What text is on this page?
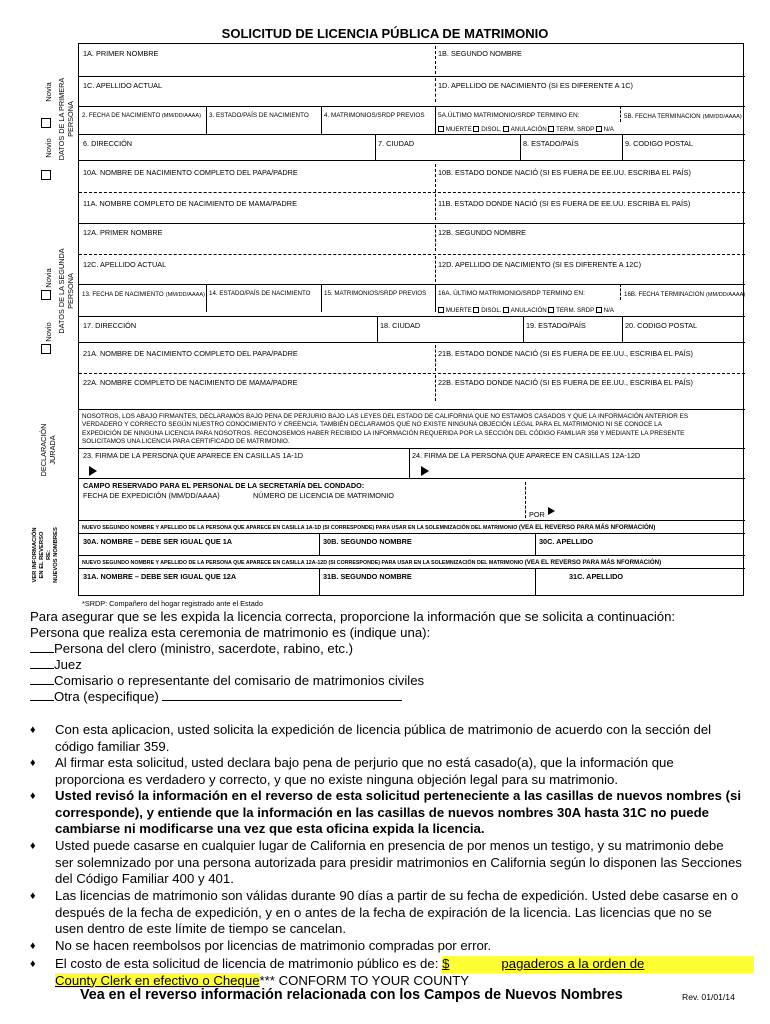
SOLICITUD DE LICENCIA PÚBLICA DE MATRIMONIO
DATOS DE LA PRIMERA PERSONA
Novio
Novia
DATOS DE LA SEGUNDA PERSONA
Novio
Novia
DECLARACIÓN JURADA
VER INFORMACIÓN EN EL REVERSO RE: NUEVOS NOMBRES
1A. PRIMER NOMBRE	1B. SEGUNDO NOMBRE
1C. APELLIDO ACTUAL	1D. APELLIDO DE NACIMIENTO (SI ES DIFERENTE A 1C)
2. FECHA DE NACIMIENTO (MM/DD/AAAA) 3. ESTADO/PAÍS DE NACIMIENTO 4. MATRIMONIOS/SRDP PREVIOS 5A.ÚLTIMO MATRIMONIO/SRDP TERMINO EN:	5B. FECHA TERMINACION (MM/DD/AAAA)
MUERTE DISOL. ANULACIÓN TERM. SRDP N/A
6. DIRECCIÓN	7. CIUDAD	8. ESTADO/PAÍS	9. CODIGO POSTAL
10A. NOMBRE DE NACIMIENTO COMPLETO DEL PAPA/PADRE	10B. ESTADO DONDE NACIÓ (SI ES FUERA DE EE.UU. ESCRIBA EL PAÍS)
11A. NOMBRE COMPLETO DE NACIMIENTO DE MAMA/PADRE	11B. ESTADO DONDE NACIÓ (SI ES FUERA DE EE.UU. ESCRIBA EL PAÍS)
12A. PRIMER NOMBRE	12B. SEGUNDO NOMBRE
12C. APELLIDO ACTUAL	12D. APELLIDO DE NACIMIENTO (SI ES DIFERENTE A 12C)
13. FECHA DE NACIMIENTO (MM/DD/AAAA) 14. ESTADO/PAÍS DE NACIMIENTO 15. MATRIMONIOS/SRDP PREVIOS 16A. ÚLTIMO MATRIMONIO/SRDP TERMINO EN:	16B. FECHA TERMINACION (MM/DD/AAAA)
MUERTE DISOL. ANULACIÓN TERM. SRDP N/A
17. DIRECCIÓN	18. CIUDAD	19. ESTADO/PAÍS	20. CODIGO POSTAL
21A. NOMBRE DE NACIMIENTO COMPLETO DEL PAPA/PADRE	21B. ESTADO DONDE NACIÓ (SI ES FUERA DE EE.UU., ESCRIBA EL PAÍS)
22A. NOMBRE COMPLETO DE NACIMIENTO DE MAMA/PADRE	22B. ESTADO DONDE NACIÓ (SI ES FUERA DE EE.UU., ESCRIBA EL PAÍS)
NOSOTROS, LOS ABAJO FIRMANTES, DECLARAMOS BAJO PENA DE PERJURIO BAJO LAS LEYES DEL ESTADO DE CALIFORNIA QUE NO ESTAMOS CASADOS Y QUE LA INFORMACIÓN ANTERIOR ES
VERDADERO Y CORRECTO SEGÚN NUESTRO CONOCIMIENTO Y CREENCIA. TAMBIÉN DECLARAMOS QUE NO EXISTE NINGUNA OBJECIÓN LEGAL PARA EL MATRIMONIO NI SE CONOCE LA
EXPEDICIÓN DE NINGUNA LICENCIA PARA NOSOTROS. RECONOSEMOS HABER RECIBIDO LA INFORMACIÓN REQUERIDA POR LA SECCIÓN DEL CÓDIGO FAMILIAR 358 Y MEDIANTE LA PRESENTE
SOLICITAMOS UNA LICENCIA PARA CERTIFICADO DE MATRIMONIO.
23. FIRMA DE LA PERSONA QUE APARECE EN CASILLAS 1A-1D	24. FIRMA DE LA PERSONA QUE APARECE EN CASILLAS 12A-12D
CAMPO RESERVADO PARA EL PERSONAL DE LA SECRETARÍA DEL CONDADO:
FECHA DE EXPEDICIÓN (MM/DD/AAAA)	NÚMERO DE LICENCIA DE MATRIMONIO
POR
NUEVO SEGUNDO NOMBRE Y APELLIDO DE LA PERSONA QUE APARECE EN CASILLA 1A-1D (SI CORRESPONDE) PARA USAR EN LA SOLEMNIZACIÓN DEL MATRIMONIO (VEA EL REVERSO PARA MÁS NFORMACIÓN)
30A. NOMBRE – DEBE SER IGUAL QUE 1A	30B. SEGUNDO NOMBRE	30C. APELLIDO
NUEVO SEGUNDO NOMBRE Y APELLIDO DE LA PERSONA QUE APARECE EN CASILLA 12A-12D (SI CORRESPONDE) PARA USAR EN LA SOLEMNIZACIÓN DEL MATRIMONIO (VEA EL REVERSO PARA MÁS NFORMACIÓN)
31A. NOMBRE – DEBE SER IGUAL QUE 12A	31B. SEGUNDO NOMBRE	31C. APELLIDO
*SRDP: Compañero del hogar registrado ante el Estado
Para asegurar que se les expida la licencia correcta, proporcione la información que se solicita a continuación:
Persona que realiza esta ceremonia de matrimonio es (indique una):
Persona del clero (ministro, sacerdote, rabino, etc.)
Juez
Comisario o representante del comisario de matrimonios civiles
Otra (especifique)
♦ Con esta aplicacion, usted solicita la expedición de licencia pública de matrimonio de acuerdo con la sección del
código familiar 359.
♦ Al firmar esta solicitud, usted declara bajo pena de perjurio que no está casado(a), que la información que
proporciona es verdadero y correcto, y que no existe ninguna objeción legal para su matrimonio.
♦ Usted revisó la información en el reverso de esta solicitud perteneciente a las casillas de nuevos nombres (si
corresponde), y entiende que la información en las casillas de nuevos nombres 30A hasta 31C no puede
cambiarse ni modificarse una vez que esta oficina expida la licencia.
♦ Usted puede casarse en cualquier lugar de California en presencia de por menos un testigo, y su matrimonio debe
ser solemnizado por una persona autorizada para presidir matrimonios en California según lo disponen las Secciones
del Código Familiar 400 y 401.
♦ Las licencias de matrimonio son válidas durante 90 días a partir de su fecha de expedición. Usted debe casarse en o
después de la fecha de expedición, y en o antes de la fecha de expiración de la licencia. Las licencias que no se
usen dentro de este límite de tiempo se cancelan.
♦ No se hacen reembolsos por licencias de matrimonio compradas por error.
♦ El costo de esta solicitud de licencia de matrimonio público es de: $	pagaderos a la orden de
County Clerk en efectivo o Cheque*** CONFORM TO YOUR COUNTY
Vea en el reverso información relacionada con los Campos de Nuevos Nombres	Rev. 01/01/14
